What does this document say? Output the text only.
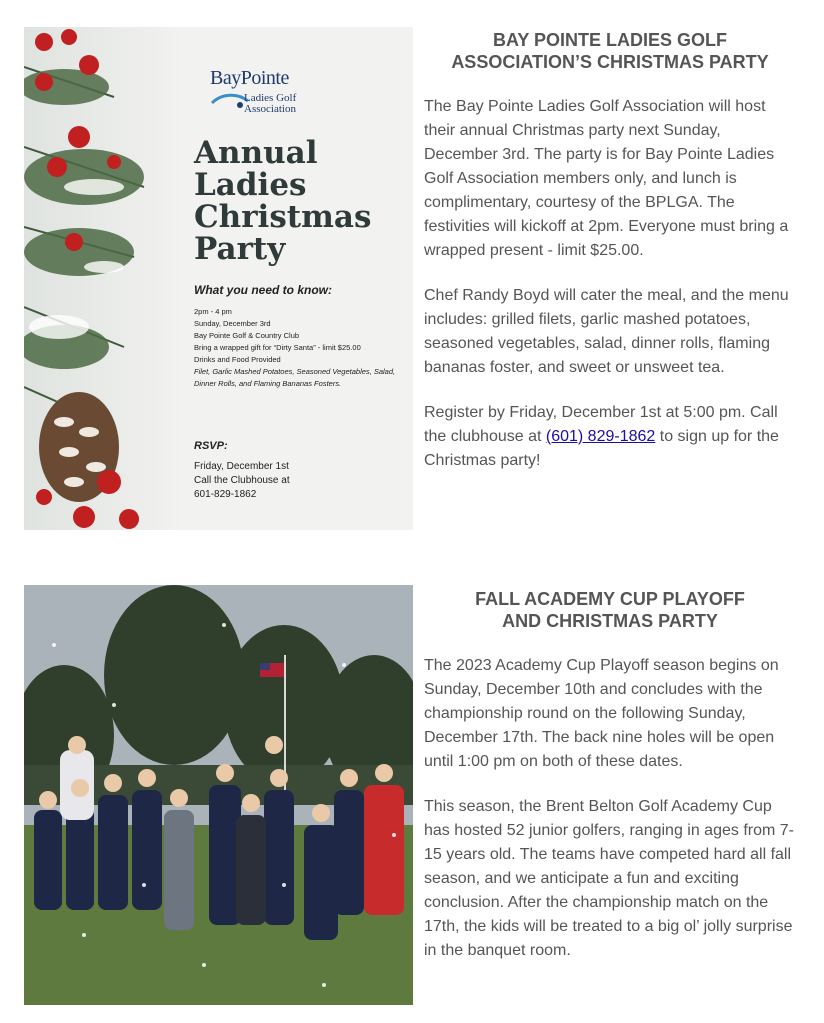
BayPointe
Ladies Golf
Association
Annual Ladies Christmas Party
What you need to know:
2pm - 4 pm
Sunday, December 3rd
Bay Pointe Golf & Country Club
Bring a wrapped gift for “Dirty Santa” - limit $25.00
Drinks and Food Provided
Filet, Garlic Mashed Potatoes, Seasoned Vegetables, Salad, Dinner Rolls, and Flaming Bananas Fosters.
RSVP:
Friday, December 1st
Call the Clubhouse at
601-829-1862
BAY POINTE LADIES GOLF ASSOCIATION’S CHRISTMAS PARTY

The Bay Pointe Ladies Golf Association will host their annual Christmas party next Sunday, December 3rd. The party is for Bay Pointe Ladies Golf Association members only, and lunch is complimentary, courtesy of the BPLGA. The festivities will kickoff at 2pm. Everyone must bring a wrapped present - limit $25.00.

Chef Randy Boyd will cater the meal, and the menu includes: grilled filets, garlic mashed potatoes, seasoned vegetables, salad, dinner rolls, flaming bananas foster, and sweet or unsweet tea.

Register by Friday, December 1st at 5:00 pm. Call the clubhouse at (601) 829-1862 to sign up for the Christmas party!

FALL ACADEMY CUP PLAYOFF AND CHRISTMAS PARTY

The 2023 Academy Cup Playoff season begins on Sunday, December 10th and concludes with the championship round on the following Sunday, December 17th. The back nine holes will be open until 1:00 pm on both of these dates.

This season, the Brent Belton Golf Academy Cup has hosted 52 junior golfers, ranging in ages from 7-15 years old. The teams have competed hard all fall season, and we anticipate a fun and exciting conclusion. After the championship match on the 17th, the kids will be treated to a big ol’ jolly surprise in the banquet room.
